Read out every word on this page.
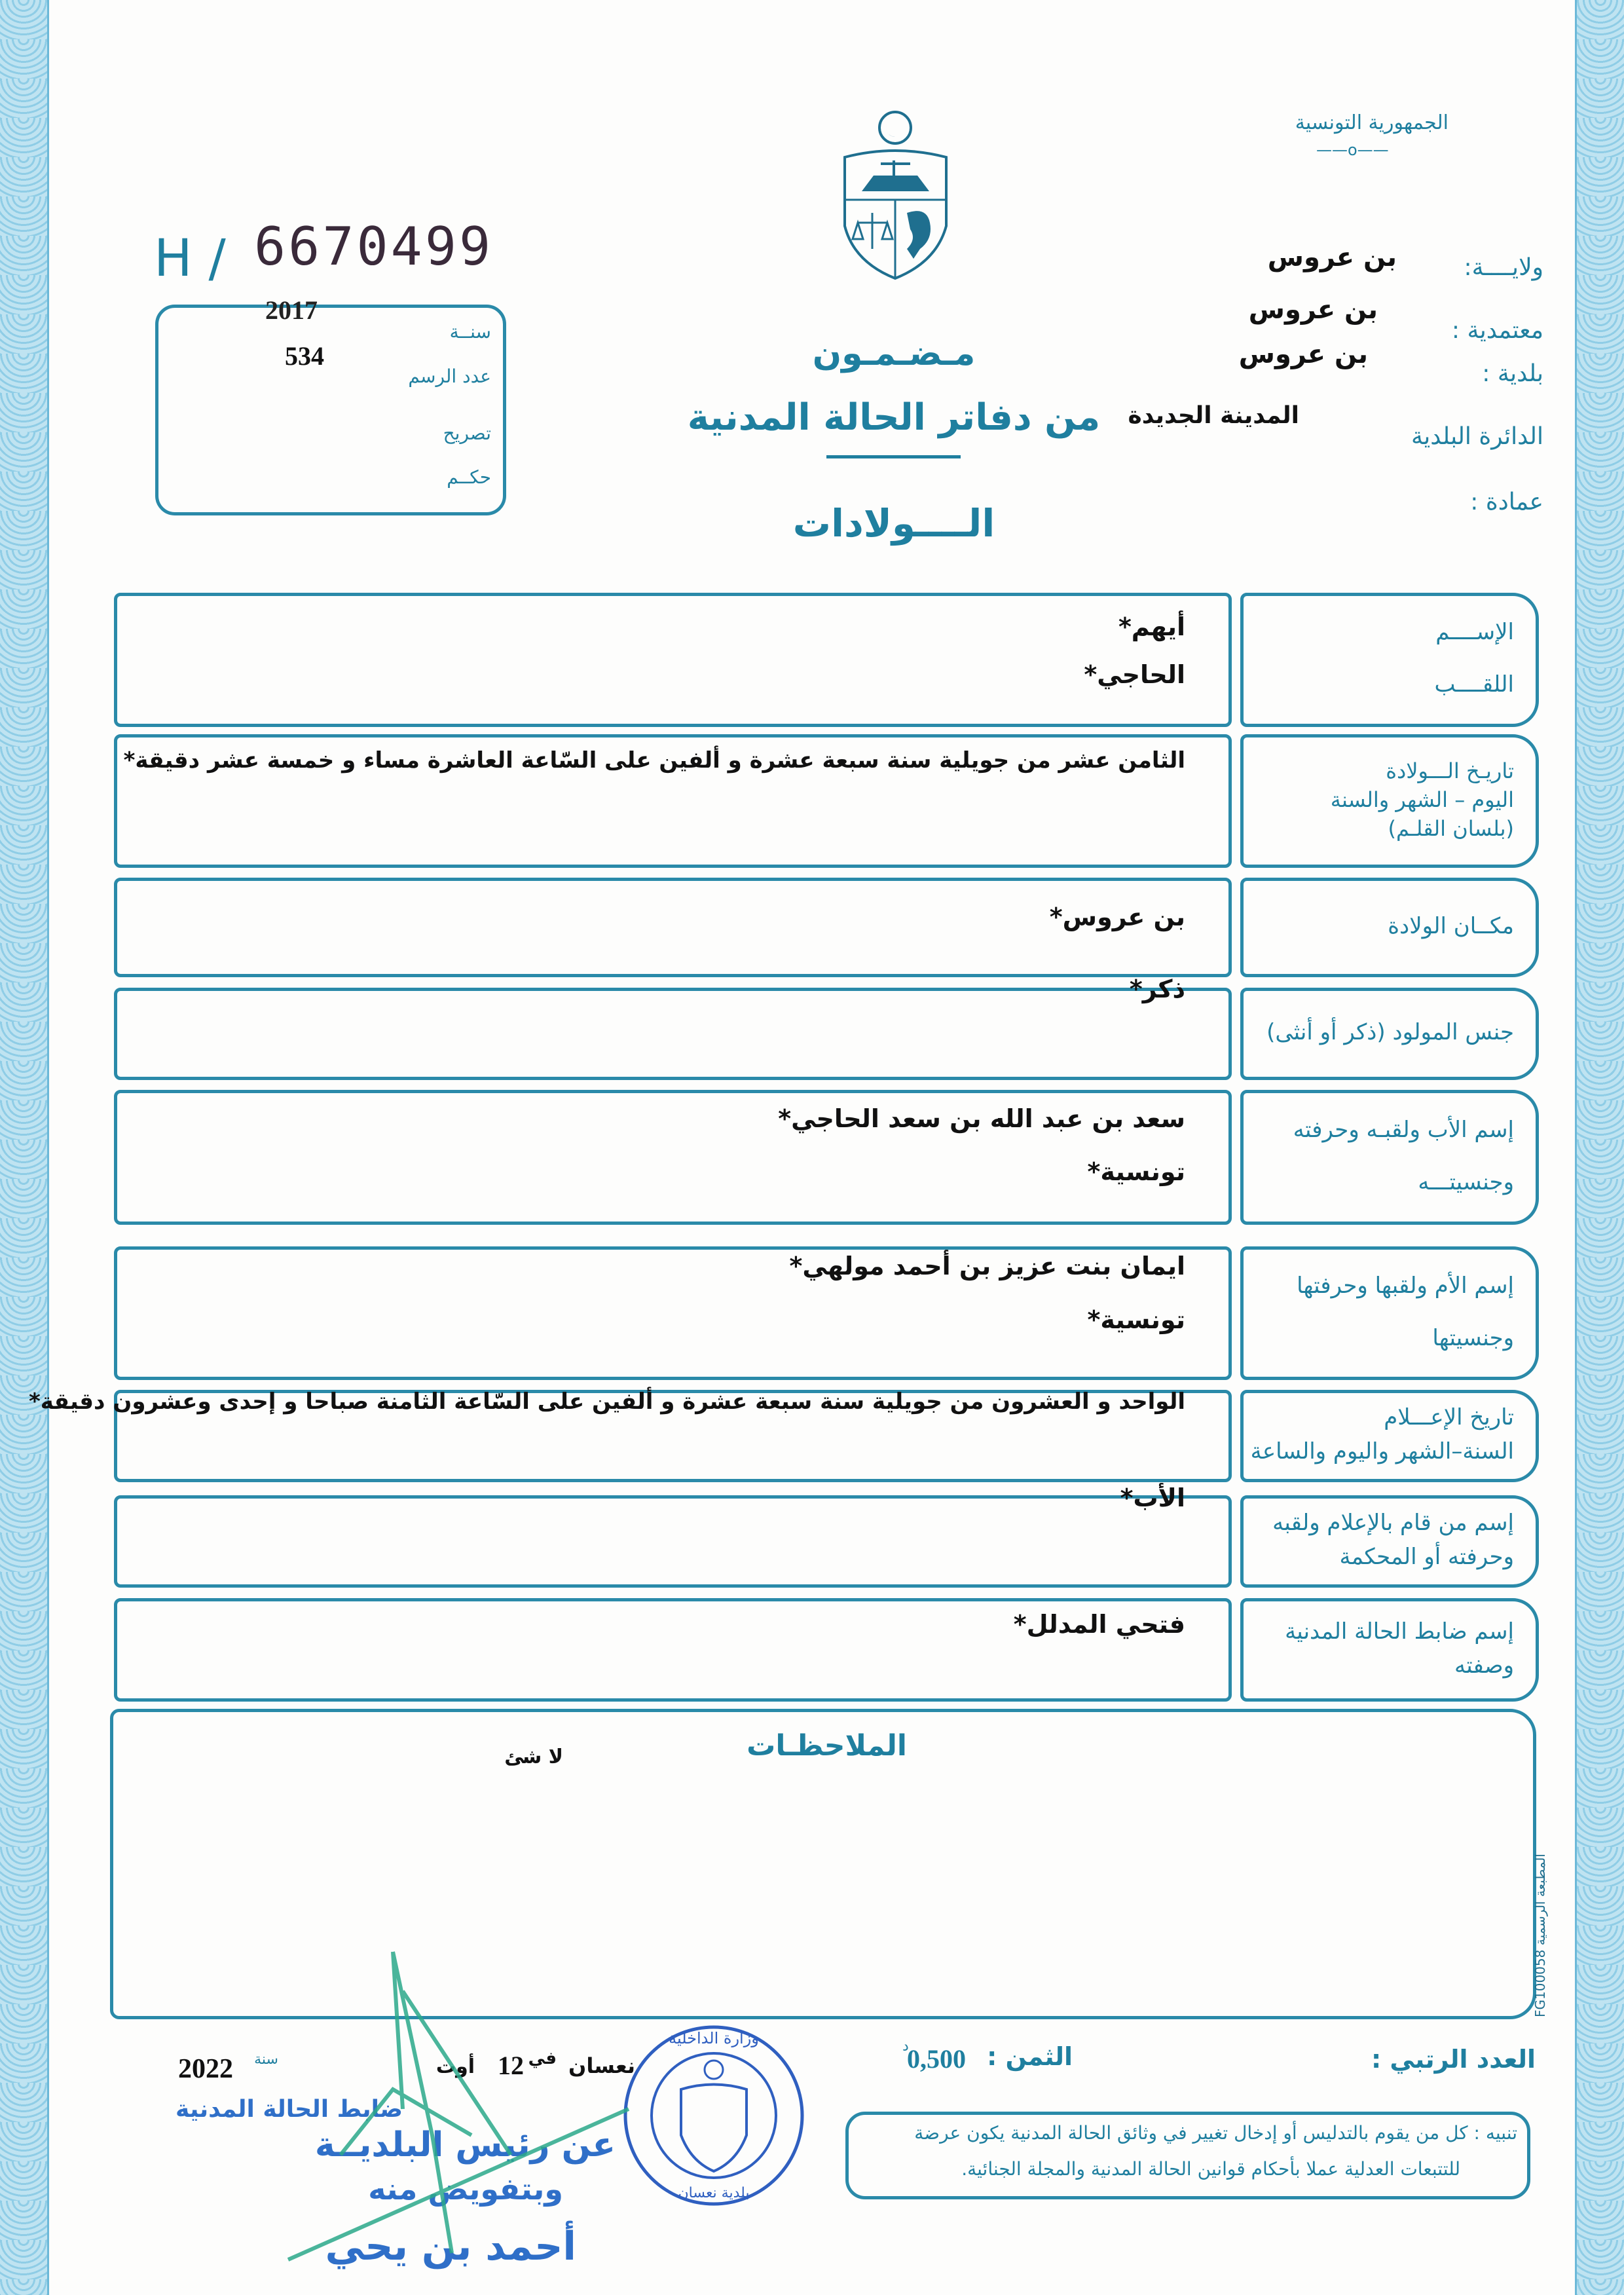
الجمهورية التونسية
——o——
ولايــــة:
بن عروس
معتمدية :
بن عروس
بلدية :
بن عروس
الدائرة البلدية
المدينة الجديدة
عمادة :
H / 6670499
2017
سنــة
534
عدد الرسم
تصريح
حكــم
مـضـمـون
من دفاتر الحالة المدنية
الــــولادات
الإســــم
اللقــــب
أيهم*
الحاجي*
تاريـخ الـــولادة
اليوم – الشهر والسنة
(بلسان القلـم)
الثامن عشر من جويلية سنة سبعة عشرة و ألفين على السّاعة العاشرة مساء و خمسة عشر دقيقة*
مكــان الولادة
بن عروس*
جنس المولود (ذكر أو أنثى)
ذكر*
إسم الأب ولقبـه وحرفته
وجنسيتـــه
سعد بن عبد الله بن سعد الحاجي*
تونسية*
إسم الأم ولقبها وحرفتها
وجنسيتها
ايمان بنت عزيز بن أحمد مولهي*
تونسية*
تاريخ الإعـــلام
السنة–الشهر واليوم والساعة
الواحد و العشرون من جويلية سنة سبعة عشرة و ألفين على السّاعة الثامنة صباحا و إحدى وعشرون دقيقة*
إسم من قام بالإعلام ولقبه
وحرفته أو المحكمة
الأب*
إسم ضابط الحالة المدنية
وصفته
فتحي المدلل*
الملاحظـات
لا شئ
المطبعة الرسمية FG100058
العدد الرتبي :
الثمن :
0,500
د
تنبيه : كل من يقوم بالتدليس أو إدخال تغيير في وثائق الحالة المدنية يكون عرضة
للتتبعات العدلية عملا بأحكام قوانين الحالة المدنية والمجلة الجنائية.
نعسان
في
12
أوت
سنة
2022
وزارة الداخلية
بلدية نعسان
ضابط الحالة المدنية
عن رئيس البلديــة
وبتفويض منه
أحمد بن يحي
